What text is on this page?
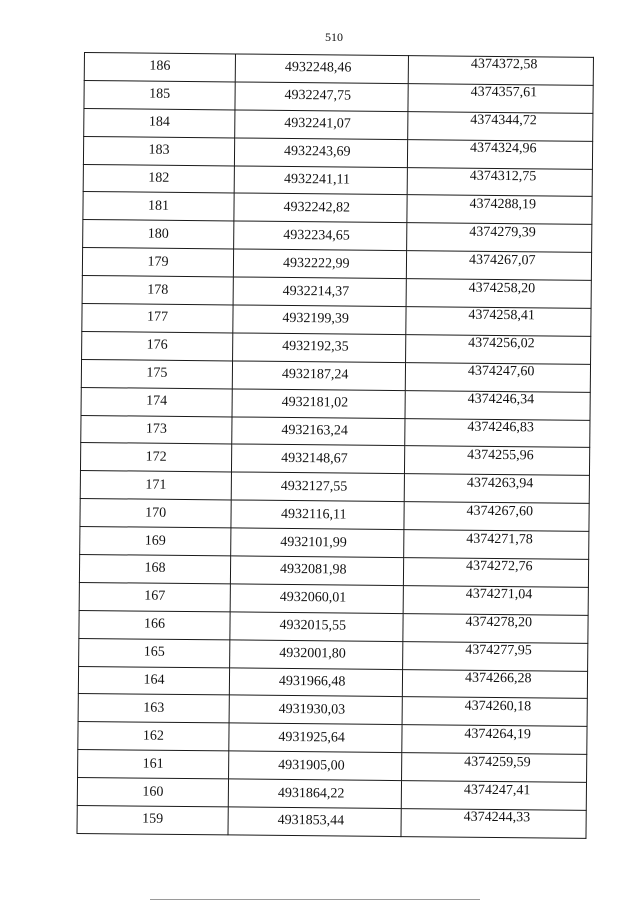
510
186	4932248,46	4374372,58
185	4932247,75	4374357,61
184	4932241,07	4374344,72
183	4932243,69	4374324,96
182	4932241,11	4374312,75
181	4932242,82	4374288,19
180	4932234,65	4374279,39
179	4932222,99	4374267,07
178	4932214,37	4374258,20
177	4932199,39	4374258,41
176	4932192,35	4374256,02
175	4932187,24	4374247,60
174	4932181,02	4374246,34
173	4932163,24	4374246,83
172	4932148,67	4374255,96
171	4932127,55	4374263,94
170	4932116,11	4374267,60
169	4932101,99	4374271,78
168	4932081,98	4374272,76
167	4932060,01	4374271,04
166	4932015,55	4374278,20
165	4932001,80	4374277,95
164	4931966,48	4374266,28
163	4931930,03	4374260,18
162	4931925,64	4374264,19
161	4931905,00	4374259,59
160	4931864,22	4374247,41
159	4931853,44	4374244,33
